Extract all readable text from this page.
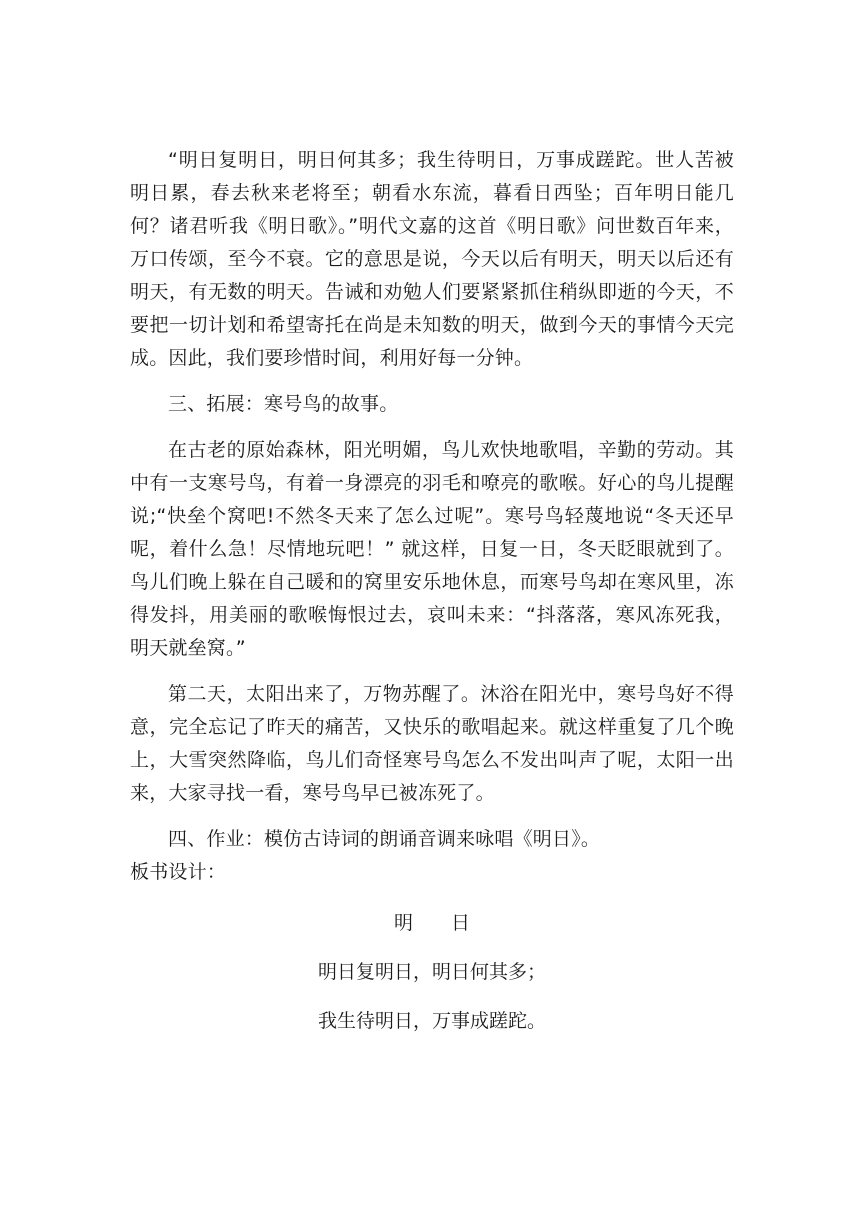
“明日复明日，明日何其多；我生待明日，万事成蹉跎。世人苦被明日累，春去秋来老将至；朝看水东流，暮看日西坠；百年明日能几何？诸君听我《明日歌》。”明代文嘉的这首《明日歌》问世数百年来，万口传颂，至今不衰。它的意思是说，今天以后有明天，明天以后还有明天，有无数的明天。告诫和劝勉人们要紧紧抓住稍纵即逝的今天，不要把一切计划和希望寄托在尚是未知数的明天，做到今天的事情今天完成。因此，我们要珍惜时间，利用好每一分钟。

三、拓展：寒号鸟的故事。

在古老的原始森林，阳光明媚，鸟儿欢快地歌唱，辛勤的劳动。其中有一支寒号鸟，有着一身漂亮的羽毛和嘹亮的歌喉。好心的鸟儿提醒说;“快垒个窝吧!不然冬天来了怎么过呢”。寒号鸟轻蔑地说“冬天还早呢，着什么急！尽情地玩吧！” 就这样，日复一日，冬天眨眼就到了。鸟儿们晚上躲在自己暖和的窝里安乐地休息，而寒号鸟却在寒风里，冻得发抖，用美丽的歌喉悔恨过去，哀叫未来：“抖落落，寒风冻死我，明天就垒窝。”

第二天，太阳出来了，万物苏醒了。沐浴在阳光中，寒号鸟好不得意，完全忘记了昨天的痛苦，又快乐的歌唱起来。就这样重复了几个晚上，大雪突然降临，鸟儿们奇怪寒号鸟怎么不发出叫声了呢，太阳一出来，大家寻找一看，寒号鸟早已被冻死了。

四、作业：模仿古诗词的朗诵音调来咏唱《明日》。

板书设计：

明日
明日复明日，明日何其多；
我生待明日，万事成蹉跎。
